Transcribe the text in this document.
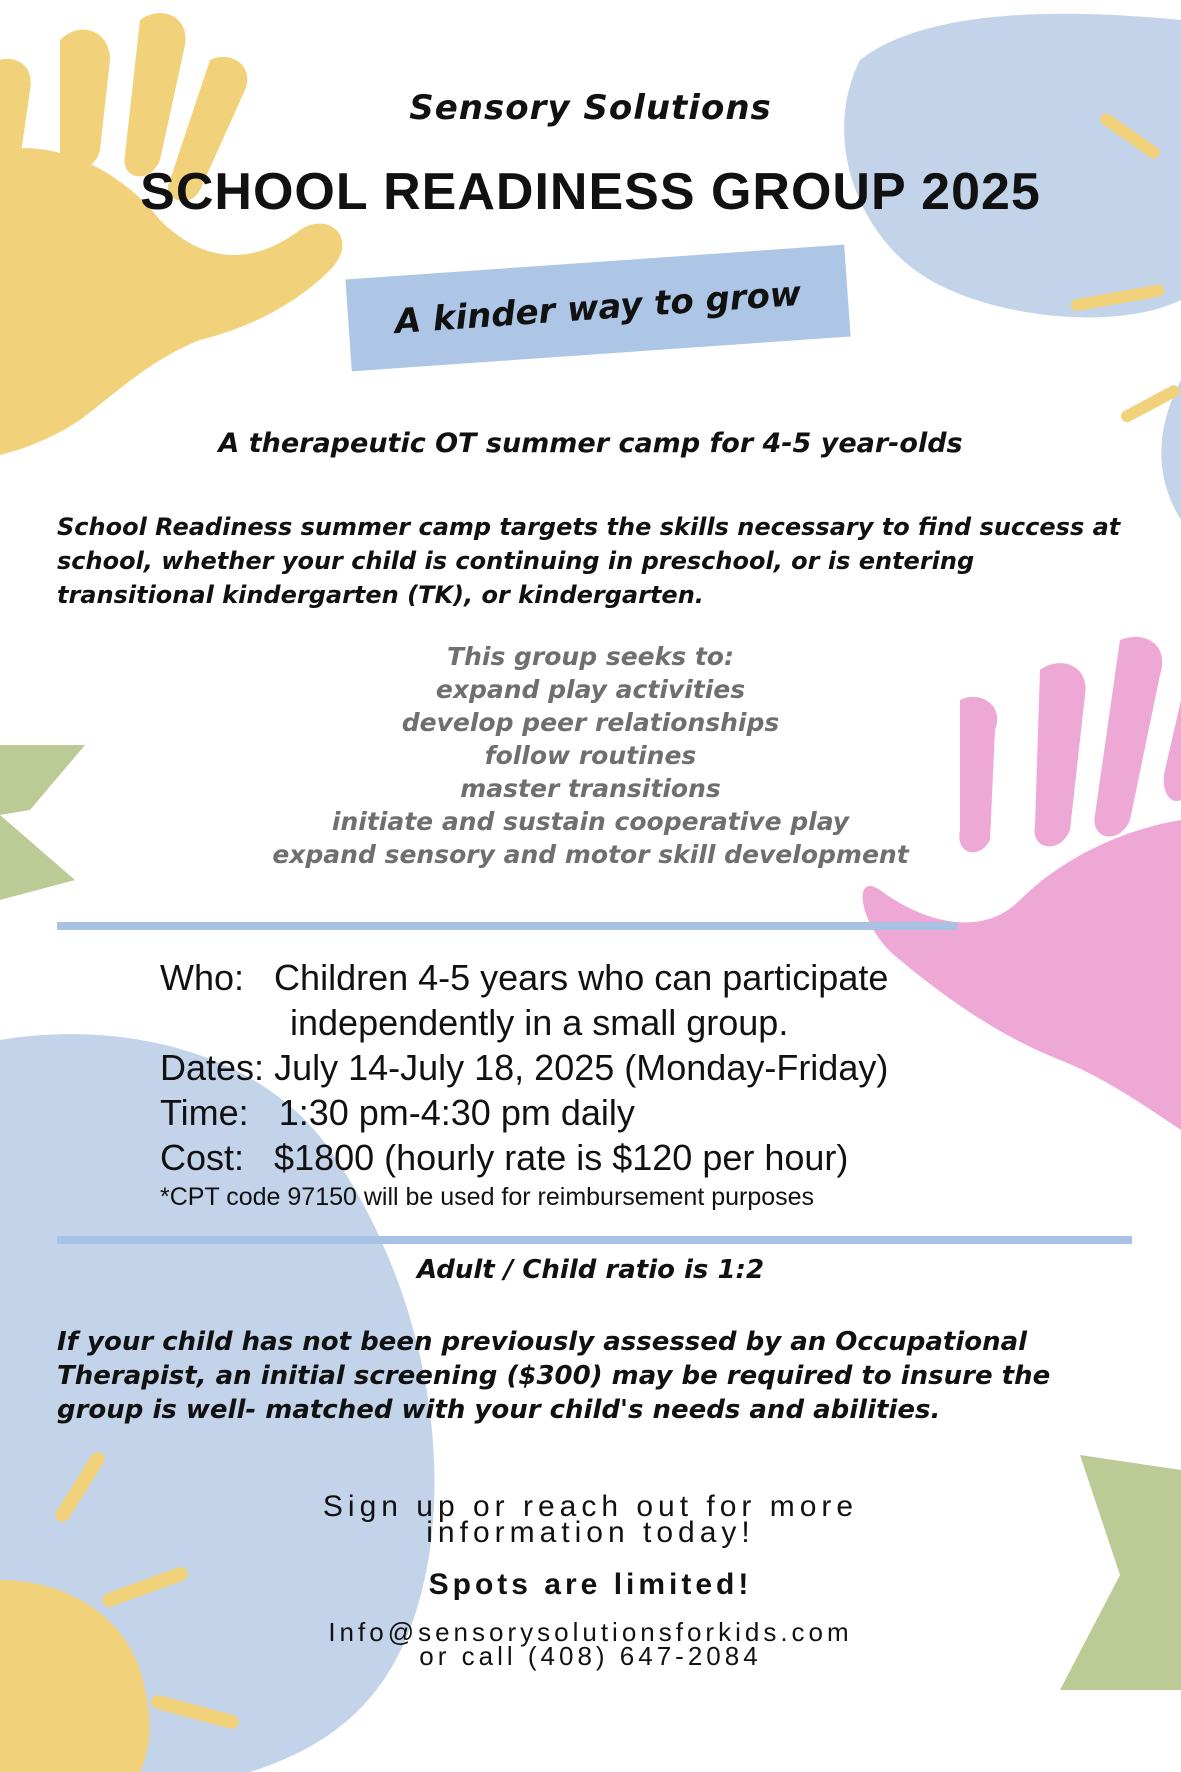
Sensory Solutions
SCHOOL READINESS GROUP 2025
A kinder way to grow
A therapeutic OT summer camp for 4-5 year-olds
School Readiness summer camp targets the skills necessary to find success at school, whether your child is continuing in preschool, or is entering transitional kindergarten (TK), or kindergarten.
This group seeks to:
expand play activities
develop peer relationships
follow routines
master transitions
initiate and sustain cooperative play
expand sensory and motor skill development
Who: Children 4-5 years who can participate
independently in a small group.
Dates: July 14-July 18, 2025 (Monday-Friday)
Time: 1:30 pm-4:30 pm daily
Cost: $1800 (hourly rate is $120 per hour)
*CPT code 97150 will be used for reimbursement purposes
Adult / Child ratio is 1:2
If your child has not been previously assessed by an Occupational Therapist, an initial screening ($300) may be required to insure the group is well- matched with your child's needs and abilities.
Sign up or reach out for more
information today!
Spots are limited!
Info@sensorysolutionsforkids.com
or call (408) 647-2084
